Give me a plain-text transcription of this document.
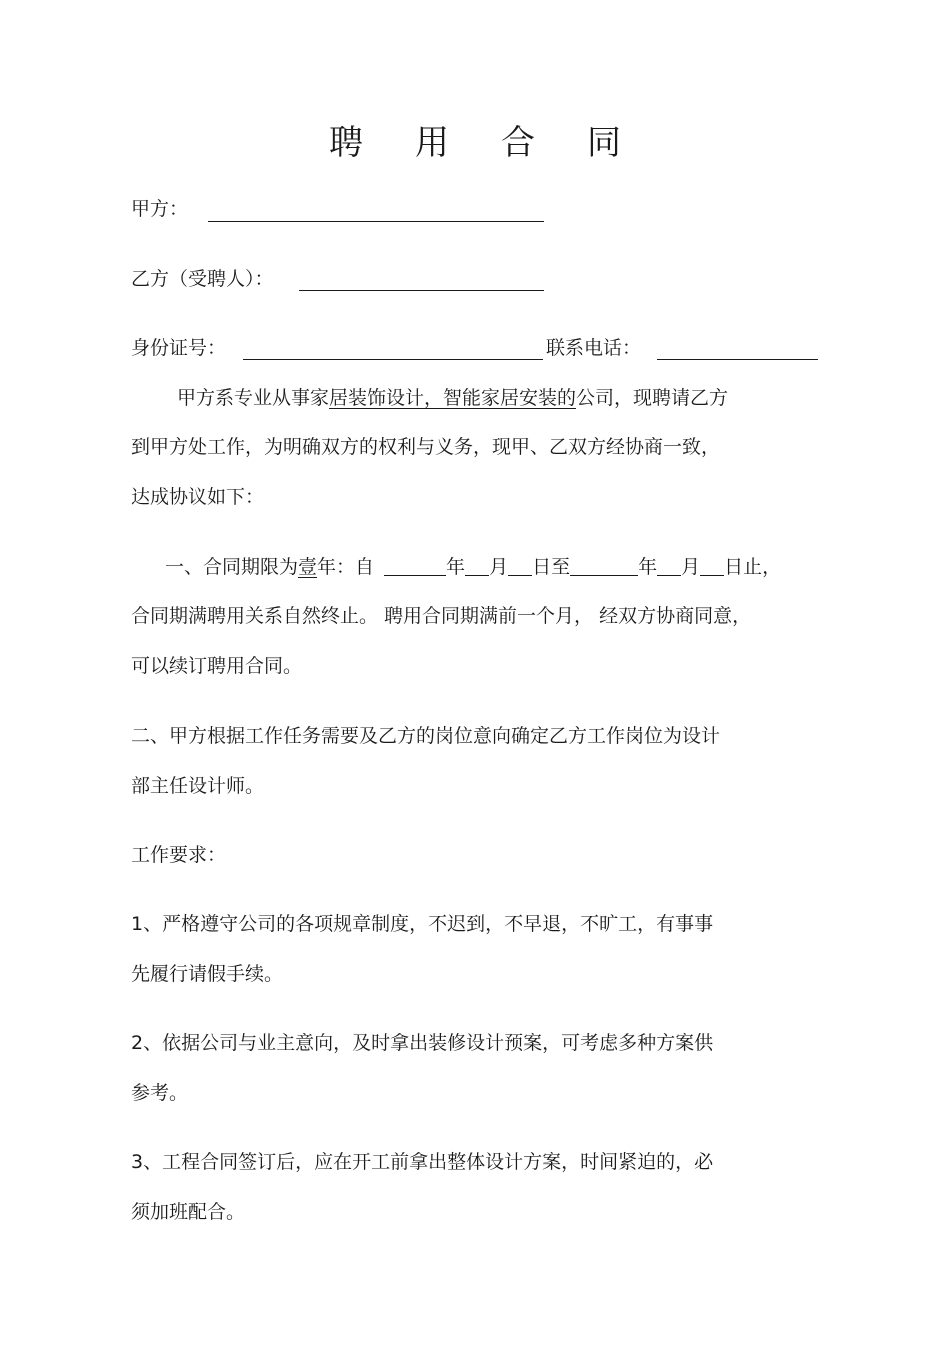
聘 用 合 同
甲方：
乙方（受聘人）：
身份证号：	联系电话：
甲方系专业从事家居装饰设计，智能家居安装的公司，现聘请乙方
到甲方处工作，为明确双方的权利与义务，现甲、乙双方经协商一致，
达成协议如下：
一、合同期限为壹年：自	年 月 日至	年 月 日止，
合同期满聘用关系自然终止。 聘用合同期满前一个月， 经双方协商同意，
可以续订聘用合同。
二、甲方根据工作任务需要及乙方的岗位意向确定乙方工作岗位为设计
部主任设计师。
工作要求：
1、严格遵守公司的各项规章制度，不迟到，不早退，不旷工，有事事
先履行请假手续。
2、依据公司与业主意向，及时拿出装修设计预案，可考虑多种方案供
参考。
3、工程合同签订后，应在开工前拿出整体设计方案，时间紧迫的，必
须加班配合。
